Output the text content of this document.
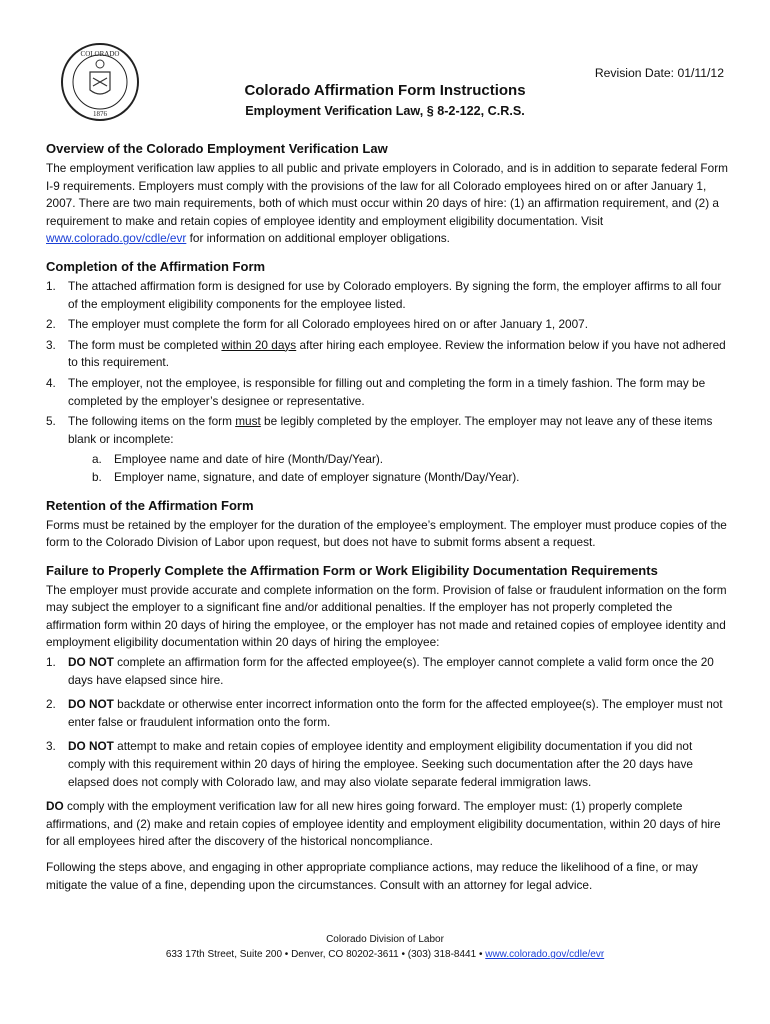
COLORADO
1876
Revision Date: 01/11/12
Colorado Affirmation Form Instructions
Employment Verification Law, § 8-2-122, C.R.S.
Overview of the Colorado Employment Verification Law

The employment verification law applies to all public and private employers in Colorado, and is in addition to separate federal Form I-9 requirements. Employers must comply with the provisions of the law for all Colorado employees hired on or after January 1, 2007. There are two main requirements, both of which must occur within 20 days of hire: (1) an affirmation requirement, and (2) a requirement to make and retain copies of employee identity and employment eligibility documentation. Visit www.colorado.gov/cdle/evr for information on additional employer obligations.

Completion of the Affirmation Form
1. The attached affirmation form is designed for use by Colorado employers. By signing the form, the employer affirms to all four of the employment eligibility components for the employee listed.
2. The employer must complete the form for all Colorado employees hired on or after January 1, 2007.
3. The form must be completed within 20 days after hiring each employee. Review the information below if you have not adhered to this requirement.
4. The employer, not the employee, is responsible for filling out and completing the form in a timely fashion. The form may be completed by the employer’s designee or representative.
5. The following items on the form must be legibly completed by the employer. The employer may not leave any of these items blank or incomplete:
a. Employee name and date of hire (Month/Day/Year).
b. Employer name, signature, and date of employer signature (Month/Day/Year).
Retention of the Affirmation Form

Forms must be retained by the employer for the duration of the employee’s employment. The employer must produce copies of the form to the Colorado Division of Labor upon request, but does not have to submit forms absent a request.

Failure to Properly Complete the Affirmation Form or Work Eligibility Documentation Requirements

The employer must provide accurate and complete information on the form. Provision of false or fraudulent information on the form may subject the employer to a significant fine and/or additional penalties. If the employer has not properly completed the affirmation form within 20 days of hiring the employee, or the employer has not made and retained copies of employee identity and employment eligibility documentation within 20 days of hiring the employee:

1. DO NOT complete an affirmation form for the affected employee(s). The employer cannot complete a valid form once the 20 days have elapsed since hire.
2. DO NOT backdate or otherwise enter incorrect information onto the form for the affected employee(s). The employer must not enter false or fraudulent information onto the form.
3. DO NOT attempt to make and retain copies of employee identity and employment eligibility documentation if you did not comply with this requirement within 20 days of hiring the employee. Seeking such documentation after the 20 days have elapsed does not comply with Colorado law, and may also violate separate federal immigration laws.

DO comply with the employment verification law for all new hires going forward. The employer must: (1) properly complete affirmations, and (2) make and retain copies of employee identity and employment eligibility documentation, within 20 days of hire for all employees hired after the discovery of the historical noncompliance.

Following the steps above, and engaging in other appropriate compliance actions, may reduce the likelihood of a fine, or may mitigate the value of a fine, depending upon the circumstances. Consult with an attorney for legal advice.

Colorado Division of Labor
633 17th Street, Suite 200 • Denver, CO 80202-3611 • (303) 318-8441 • www.colorado.gov/cdle/evr
